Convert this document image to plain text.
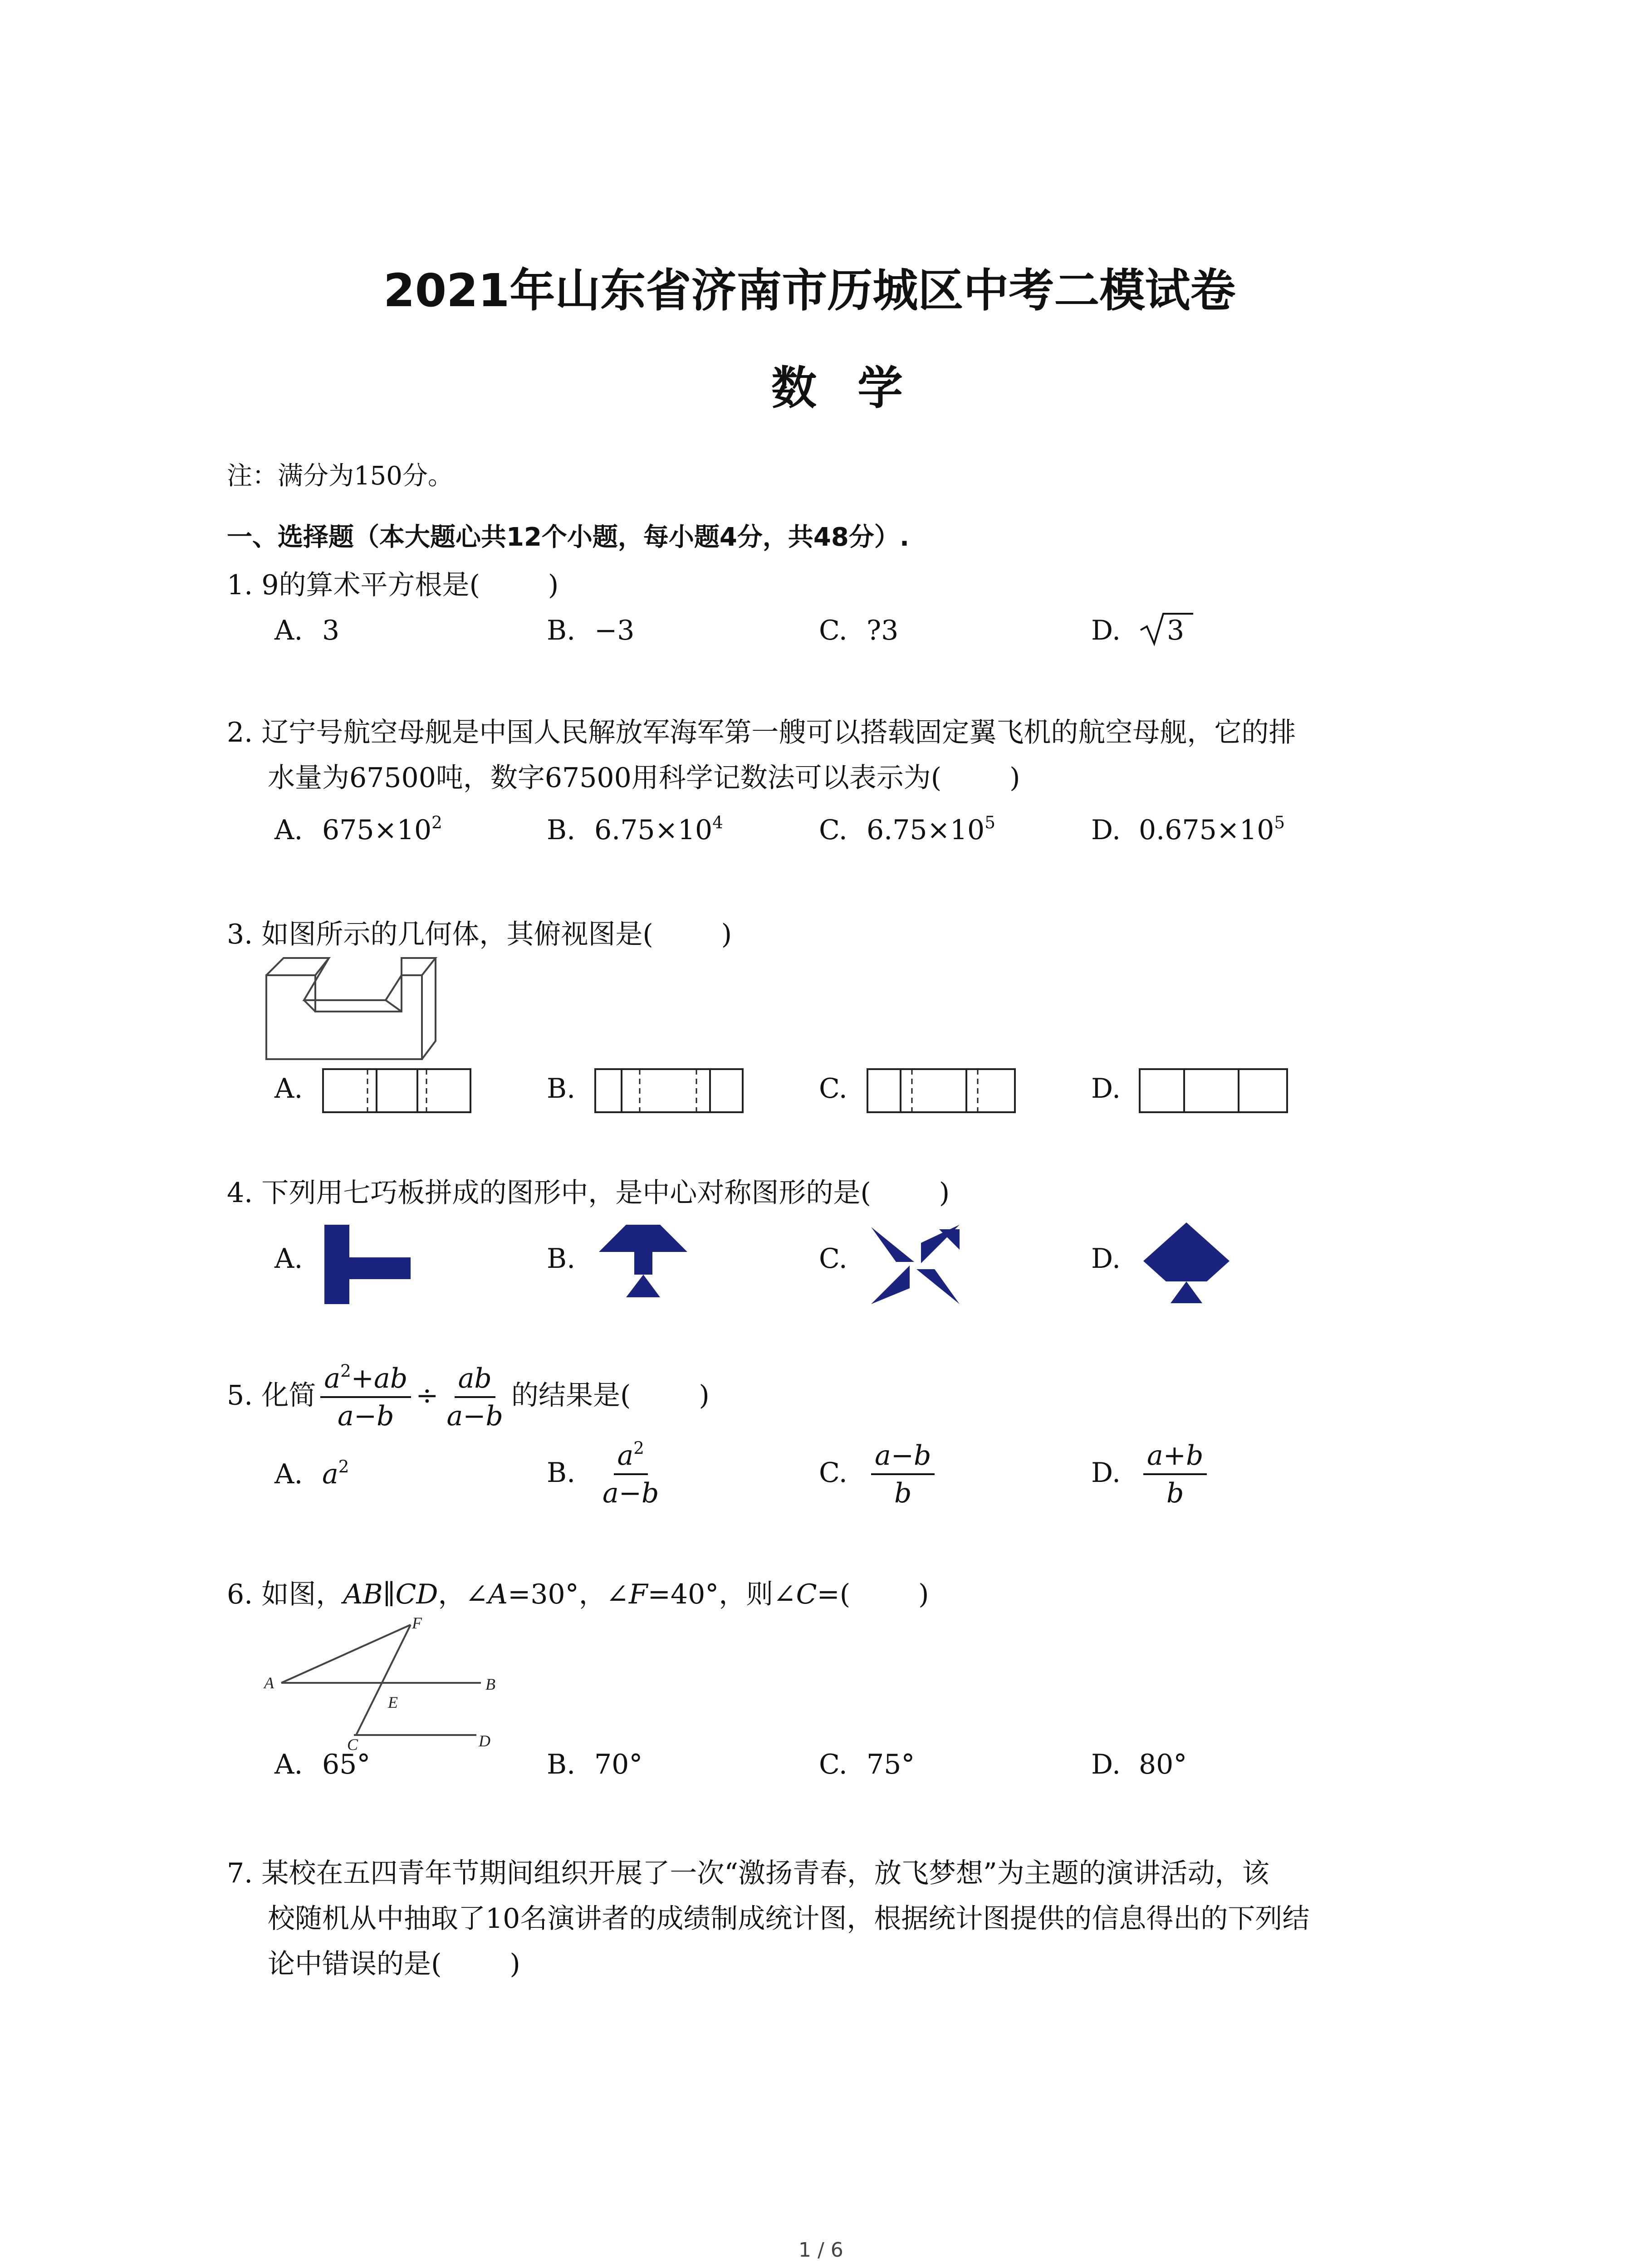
2021年山东省济南市历城区中考二模试卷
数学
注：满分为150分。
一、选择题（本大题心共12个小题，每小题4分，共48分）.
1. 9的算术平方根是(	)
A. 3	B. −3	C. ?3	D. 3
2. 辽宁号航空母舰是中国人民解放军海军第一艘可以搭载固定翼飞机的航空母舰，它的排
水量为67500吨，数字67500用科学记数法可以表示为(	)
A. $675\times 10^2$	B. $6.75\times 10^4$	C. $6.75\times 10^5$	D. $0.675\times 10^5$
3. 如图所示的几何体，其俯视图是(	)
A.	B.	C.	D.
4. 下列用七巧板拼成的图形中，是中心对称图形的是(	)
A.	B.	C.	D.
5. 化简 $\frac{a^2+ab}{a-b} \div \frac{ab}{a-b}$ 的结果是(	)
A. $a^2$	B. $\frac{a^2}{a-b}$	C. $\frac{a-b}{b}$	D. $\frac{a+b}{b}$
6. 如图，AB∥CD，∠A=30°，∠F=40°，则∠C=(	)
F
A	B
E
C	D
A. 65°	B. 70°	C. 75°	D. 80°
7. 某校在五四青年节期间组织开展了一次“激扬青春，放飞梦想”为主题的演讲活动，该
校随机从中抽取了10名演讲者的成绩制成统计图，根据统计图提供的信息得出的下列结
论中错误的是(	)
1 / 6
